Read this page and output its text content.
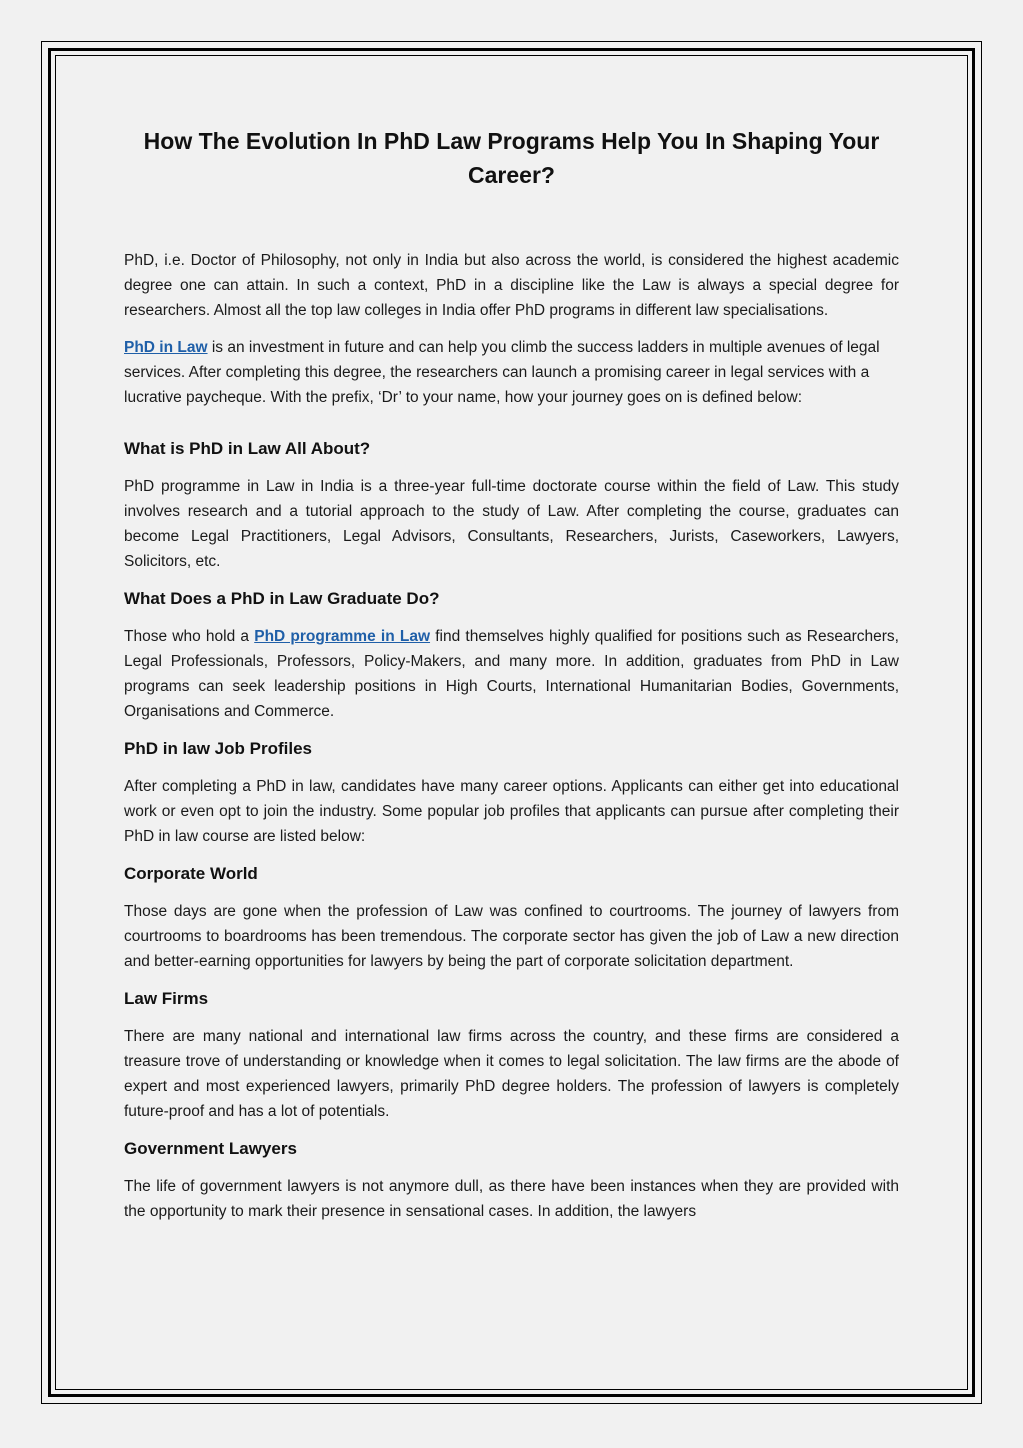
How The Evolution In PhD Law Programs Help You In Shaping Your Career?

PhD, i.e. Doctor of Philosophy, not only in India but also across the world, is considered the highest academic degree one can attain. In such a context, PhD in a discipline like the Law is always a special degree for researchers. Almost all the top law colleges in India offer PhD programs in different law specialisations.

PhD in Law is an investment in future and can help you climb the success ladders in multiple avenues of legal services. After completing this degree, the researchers can launch a promising career in legal services with a lucrative paycheque. With the prefix, ‘Dr’ to your name, how your journey goes on is defined below:

What is PhD in Law All About?

PhD programme in Law in India is a three-year full-time doctorate course within the field of Law. This study involves research and a tutorial approach to the study of Law. After completing the course, graduates can become Legal Practitioners, Legal Advisors, Consultants, Researchers, Jurists, Caseworkers, Lawyers, Solicitors, etc.

What Does a PhD in Law Graduate Do?

Those who hold a PhD programme in Law find themselves highly qualified for positions such as Researchers, Legal Professionals, Professors, Policy-Makers, and many more. In addition, graduates from PhD in Law programs can seek leadership positions in High Courts, International Humanitarian Bodies, Governments, Organisations and Commerce.

PhD in law Job Profiles

After completing a PhD in law, candidates have many career options. Applicants can either get into educational work or even opt to join the industry. Some popular job profiles that applicants can pursue after completing their PhD in law course are listed below:

Corporate World

Those days are gone when the profession of Law was confined to courtrooms. The journey of lawyers from courtrooms to boardrooms has been tremendous. The corporate sector has given the job of Law a new direction and better-earning opportunities for lawyers by being the part of corporate solicitation department.

Law Firms

There are many national and international law firms across the country, and these firms are considered a treasure trove of understanding or knowledge when it comes to legal solicitation. The law firms are the abode of expert and most experienced lawyers, primarily PhD degree holders. The profession of lawyers is completely future-proof and has a lot of potentials.

Government Lawyers

The life of government lawyers is not anymore dull, as there have been instances when they are provided with the opportunity to mark their presence in sensational cases. In addition, the lawyers
